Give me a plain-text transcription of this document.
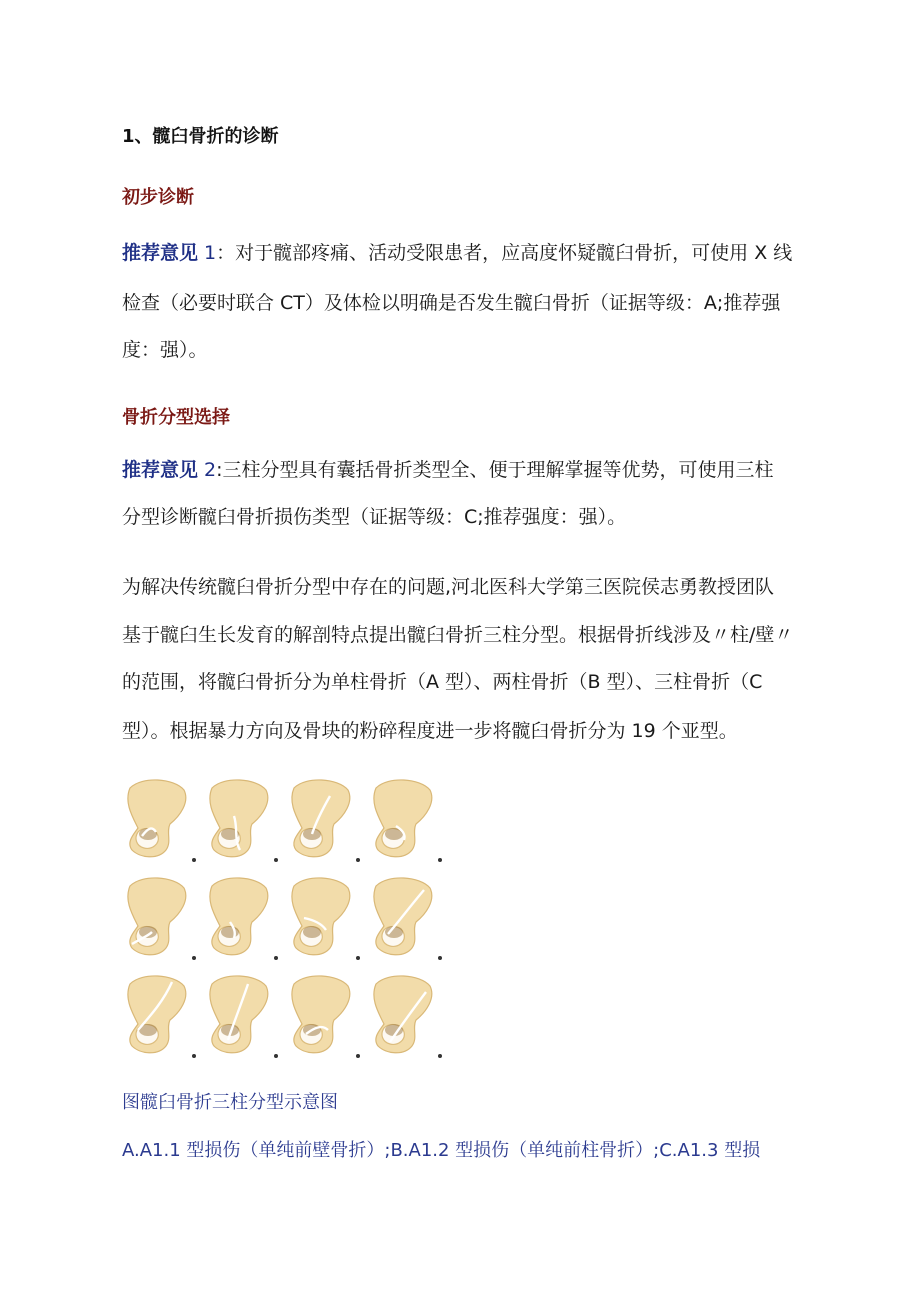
1、髋臼骨折的诊断
初步诊断
推荐意见 1：对于髋部疼痛、活动受限患者，应高度怀疑髋臼骨折，可使用 X 线
检查（必要时联合 CT）及体检以明确是否发生髋臼骨折（证据等级：A;推荐强
度：强）。
骨折分型选择
推荐意见 2:三柱分型具有囊括骨折类型全、便于理解掌握等优势，可使用三柱
分型诊断髋臼骨折损伤类型（证据等级：C;推荐强度：强）。
为解决传统髋臼骨折分型中存在的问题,河北医科大学第三医院侯志勇教授团队
基于髋臼生长发育的解剖特点提出髋臼骨折三柱分型。根据骨折线涉及〃柱/壁〃
的范围，将髋臼骨折分为单柱骨折（A 型）、两柱骨折（B 型）、三柱骨折（C
型）。根据暴力方向及骨块的粉碎程度进一步将髋臼骨折分为 19 个亚型。
图髋臼骨折三柱分型示意图
A.A1.1 型损伤（单纯前壁骨折）;B.A1.2 型损伤（单纯前柱骨折）;C.A1.3 型损
